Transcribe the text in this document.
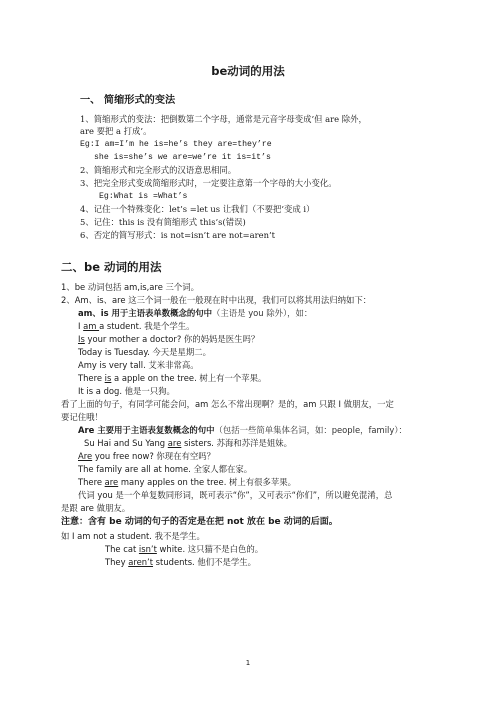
be动词的用法
一、 简缩形式的变法
1、简缩形式的变法：把倒数第二个字母，通常是元音字母变成’但 are 除外，
are 要把 a 打成’。
Eg:I am=I’m he is=he’s they are=they’re
she is=she’s we are=we’re it is=it’s
2、简缩形式和完全形式的汉语意思相同。
3、把完全形式变成简缩形式时，一定要注意第一个字母的大小变化。
Eg:What is =What’s
4、记住一个特殊变化：let’s =let us 让我们（不要把’变成 i）
5、记住：this is 没有简缩形式 this’s(错误)
6、否定的简写形式：is not=isn’t are not=aren’t
二、be 动词的用法
1、be 动词包括 am,is,are 三个词。
2、Am、is、are 这三个词一般在一般现在时中出现，我们可以将其用法归纳如下：
am、is 用于主语表单数概念的句中（主语是 you 除外），如：
I am a student. 我是个学生。
Is your mother a doctor? 你的妈妈是医生吗？
Today is Tuesday. 今天是星期二。
Amy is very tall. 艾米非常高。
There is a apple on the tree. 树上有一个苹果。
It is a dog. 他是一只狗。
看了上面的句子，有同学可能会问，am 怎么不常出现啊？是的，am 只跟 I 做朋友，一定
要记住哦！
Are 主要用于主语表复数概念的句中（包括一些简单集体名词，如：people，family）：
Su Hai and Su Yang are sisters. 苏海和苏洋是姐妹。
Are you free now? 你现在有空吗？
The family are all at home. 全家人都在家。
There are many apples on the tree. 树上有很多苹果。
代词 you 是一个单复数同形词，既可表示“你”，又可表示“你们”，所以避免混淆，总
是跟 are 做朋友。
注意：含有 be 动词的句子的否定是在把 not 放在 be 动词的后面。
如 I am not a student. 我不是学生。
The cat isn’t white. 这只猫不是白色的。
They aren’t students. 他们不是学生。
1
